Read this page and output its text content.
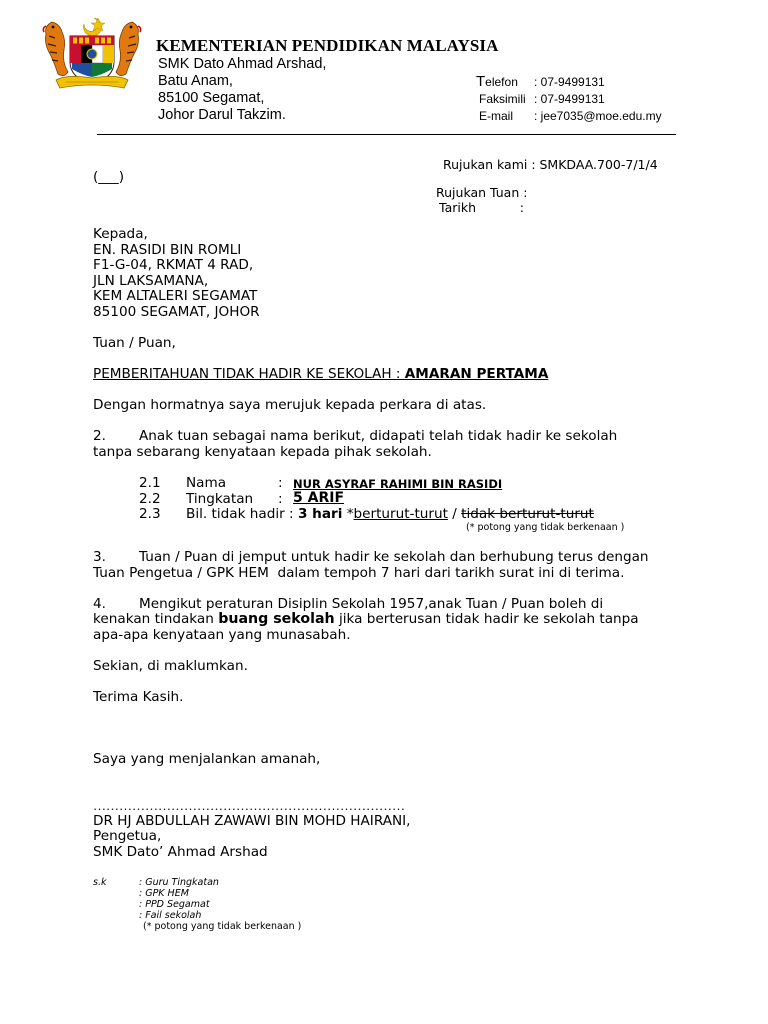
KEMENTERIAN PENDIDIKAN MALAYSIA
SMK Dato Ahmad Arshad,
Batu Anam,
85100 Segamat,
Johor Darul Takzim.
Telefon : 07-9499131
Faksimili : 07-9499131
E-mail : jee7035@moe.edu.my
Rujukan kami : SMKDAA.700-7/1/4
(___)
Rujukan Tuan :
Tarikh           :
Kepada,
EN. RASIDI BIN ROMLI
F1-G-04, RKMAT 4 RAD,
JLN LAKSAMANA,
KEM ALTALERI SEGAMAT
85100 SEGAMAT, JOHOR
Tuan / Puan,
PEMBERITAHUAN TIDAK HADIR KE SEKOLAH : AMARAN PERTAMA
Dengan hormatnya saya merujuk kepada perkara di atas.
2. Anak tuan sebagai nama berikut, didapati telah tidak hadir ke sekolah
tanpa sebarang kenyataan kepada pihak sekolah.
2.1 Nama	: NUR ASYRAF RAHIMI BIN RASIDI
2.2 Tingkatan : 5 ARIF
2.3 Bil. tidak hadir : 3 hari *berturut-turut / tidak berturut-turut
(* potong yang tidak berkenaan )
3. Tuan / Puan di jemput untuk hadir ke sekolah dan berhubung terus dengan
Tuan Pengetua / GPK HEM  dalam tempoh 7 hari dari tarikh surat ini di terima.
4. Mengikut peraturan Disiplin Sekolah 1957,anak Tuan / Puan boleh di
kenakan tindakan buang sekolah jika berterusan tidak hadir ke sekolah tanpa
apa-apa kenyataan yang munasabah.
Sekian, di maklumkan.
Terima Kasih.
Saya yang menjalankan amanah,
………………………………………………………………
DR HJ ABDULLAH ZAWAWI BIN MOHD HAIRANI,
Pengetua,
SMK Dato’ Ahmad Arshad
s.k	: Guru Tingkatan
: GPK HEM
: PPD Segamat
: Fail sekolah
(* potong yang tidak berkenaan )
